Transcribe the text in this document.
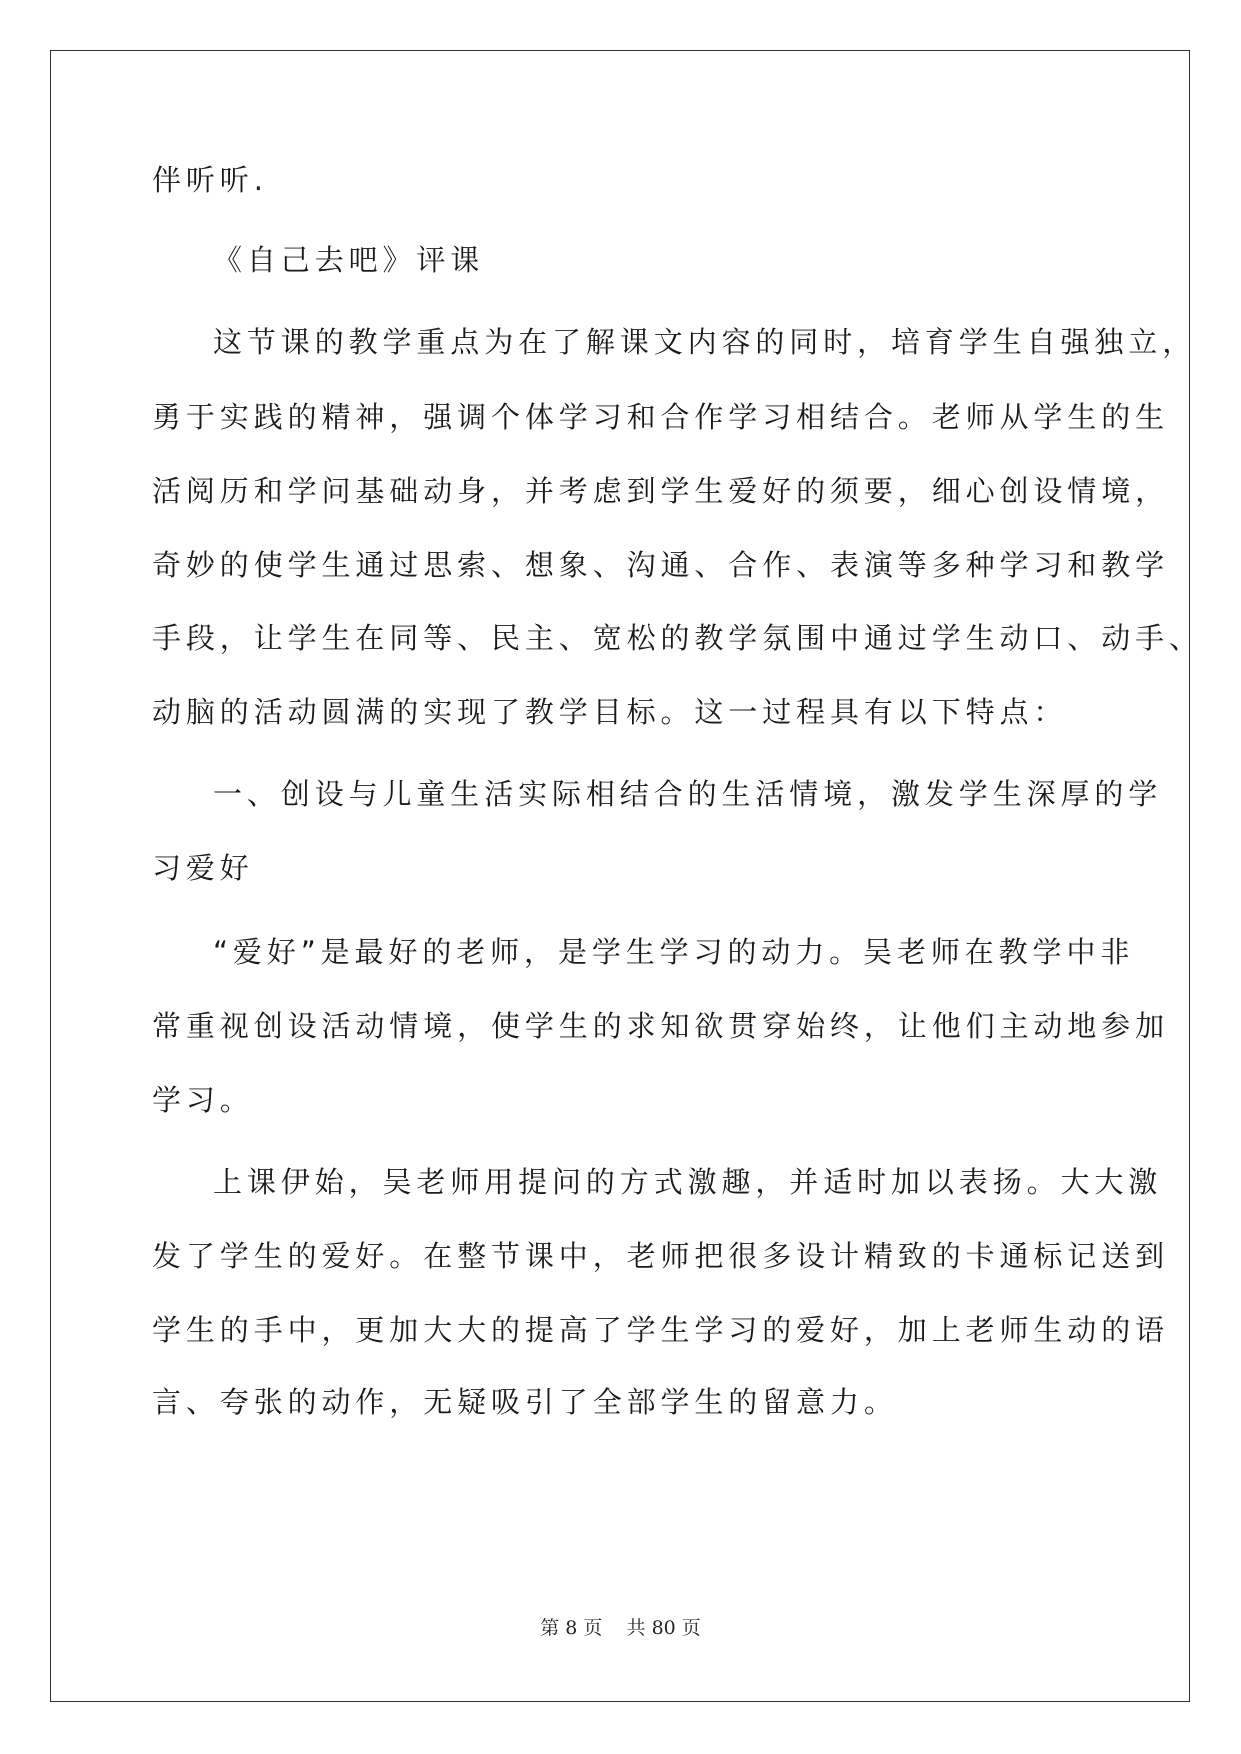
伴听听.
《自己去吧》评课
这节课的教学重点为在了解课文内容的同时，培育学生自强独立，
勇于实践的精神，强调个体学习和合作学习相结合。老师从学生的生
活阅历和学问基础动身，并考虑到学生爱好的须要，细心创设情境，
奇妙的使学生通过思索、想象、沟通、合作、表演等多种学习和教学
手段，让学生在同等、民主、宽松的教学氛围中通过学生动口、动手、
动脑的活动圆满的实现了教学目标。这一过程具有以下特点：
一、创设与儿童生活实际相结合的生活情境，激发学生深厚的学
习爱好
“爱好”是最好的老师，是学生学习的动力。吴老师在教学中非
常重视创设活动情境，使学生的求知欲贯穿始终，让他们主动地参加
学习。
上课伊始，吴老师用提问的方式激趣，并适时加以表扬。大大激
发了学生的爱好。在整节课中，老师把很多设计精致的卡通标记送到
学生的手中，更加大大的提高了学生学习的爱好，加上老师生动的语
言、夸张的动作，无疑吸引了全部学生的留意力。
第 8 页    共 80 页
